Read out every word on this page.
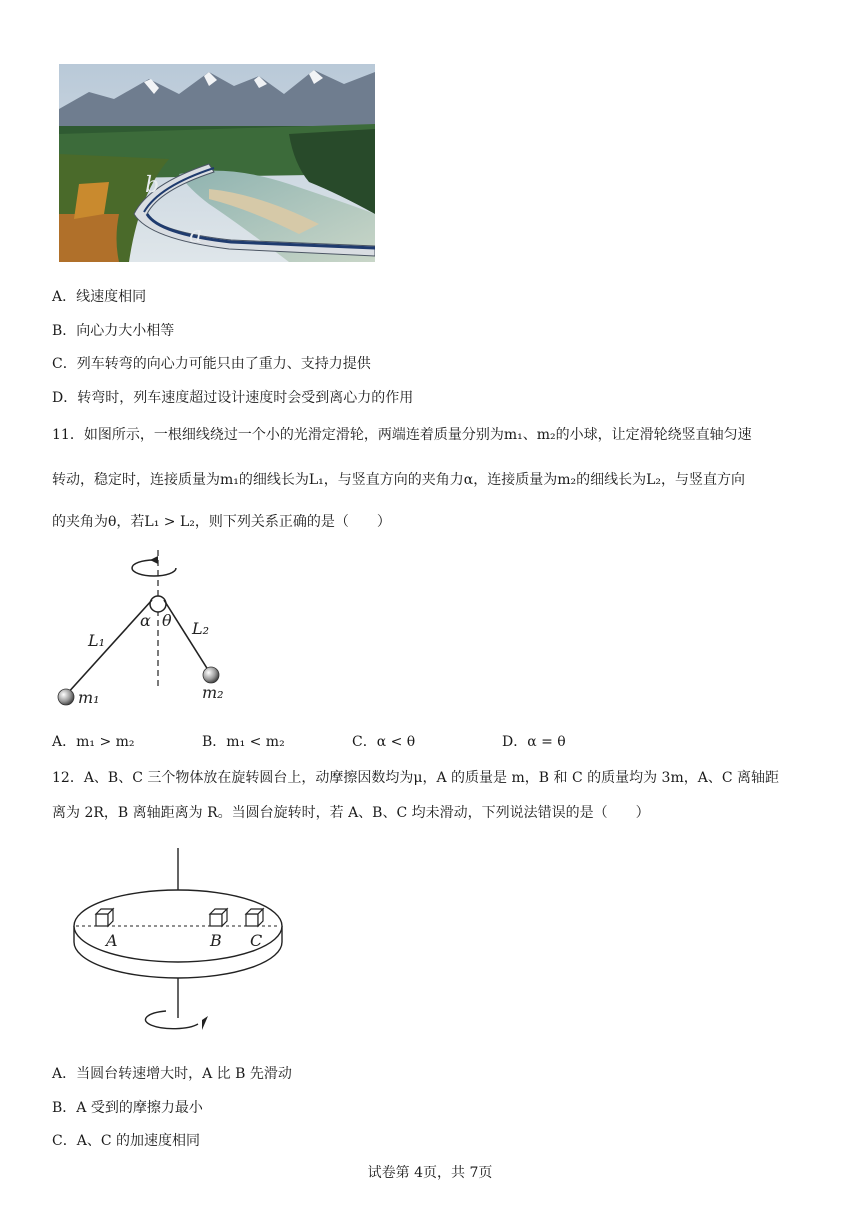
b
a
A．线速度相同
B．向心力大小相等
C．列车转弯的向心力可能只由了重力、支持力提供
D．转弯时，列车速度超过设计速度时会受到离心力的作用
11．如图所示，一根细线绕过一个小的光滑定滑轮，两端连着质量分别为m₁、m₂的小球，让定滑轮绕竖直轴匀速
转动，稳定时，连接质量为m₁的细线长为L₁，与竖直方向的夹角力α，连接质量为m₂的细线长为L₂，与竖直方向
的夹角为θ，若L₁ > L₂，则下列关系正确的是（　　）
L₁
L₂
α θ
m₁	m₂
A．m₁ > m₂	B．m₁ < m₂	C．α < θ	D．α = θ
12．A、B、C 三个物体放在旋转圆台上，动摩擦因数均为μ，A 的质量是 m，B 和 C 的质量均为 3m，A、C 离轴距
离为 2R，B 离轴距离为 R。当圆台旋转时，若 A、B、C 均未滑动，下列说法错误的是（　　）
A	B C
A．当圆台转速增大时，A 比 B 先滑动
B．A 受到的摩擦力最小
C．A、C 的加速度相同
试卷第 4页，共 7页
